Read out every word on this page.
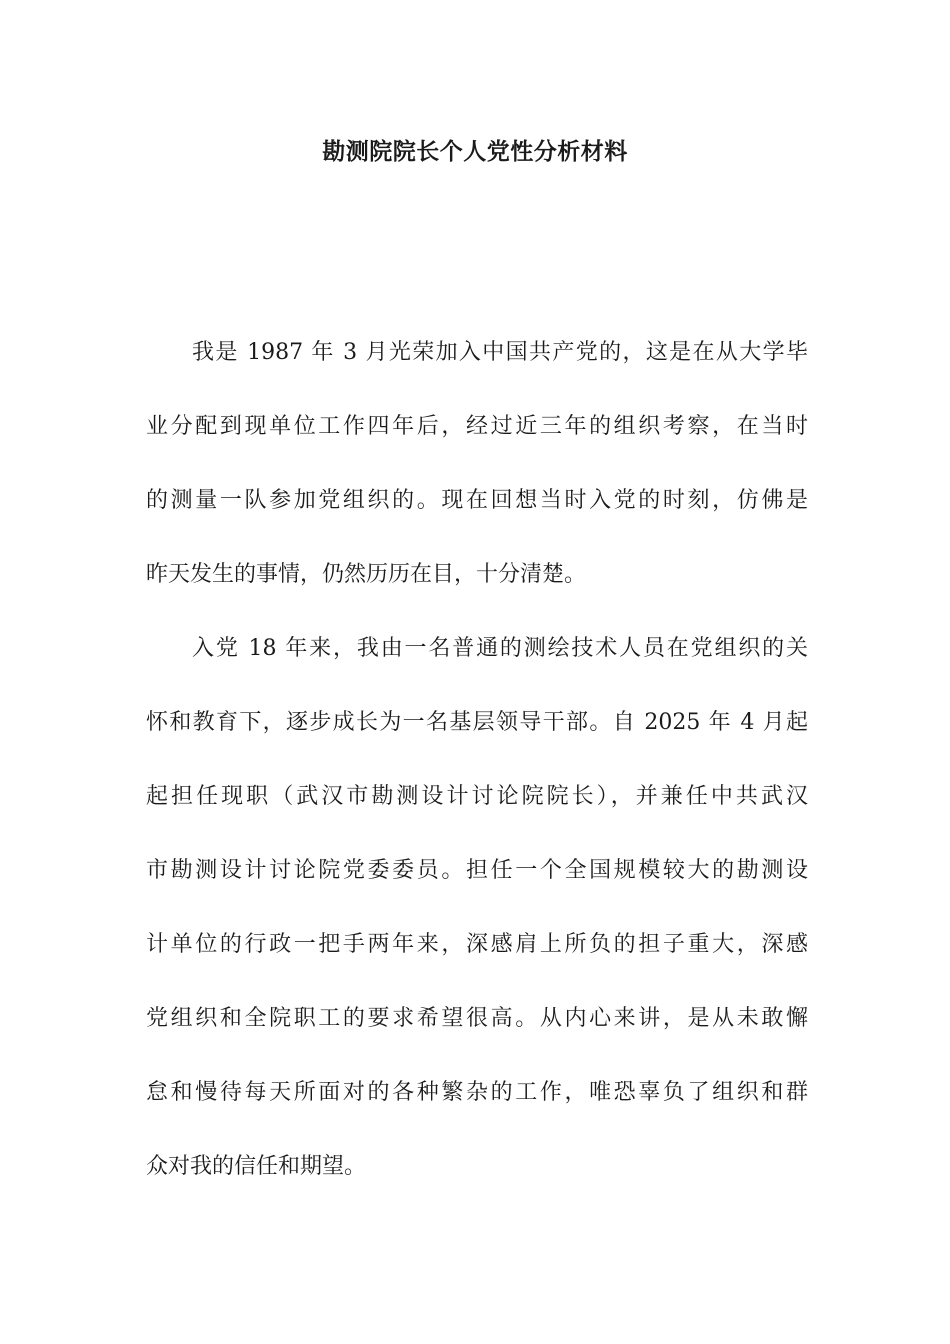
勘测院院长个人党性分析材料
我是 1987 年 3 月光荣加入中国共产党的，这是在从大学毕
业分配到现单位工作四年后，经过近三年的组织考察，在当时
的测量一队参加党组织的。现在回想当时入党的时刻，仿佛是
昨天发生的事情，仍然历历在目，十分清楚。
入党 18 年来，我由一名普通的测绘技术人员在党组织的关
怀和教育下，逐步成长为一名基层领导干部。自 2025 年 4 月起
起担任现职（武汉市勘测设计讨论院院长），并兼任中共武汉
市勘测设计讨论院党委委员。担任一个全国规模较大的勘测设
计单位的行政一把手两年来，深感肩上所负的担子重大，深感
党组织和全院职工的要求希望很高。从内心来讲，是从未敢懈
怠和慢待每天所面对的各种繁杂的工作，唯恐辜负了组织和群
众对我的信任和期望。
